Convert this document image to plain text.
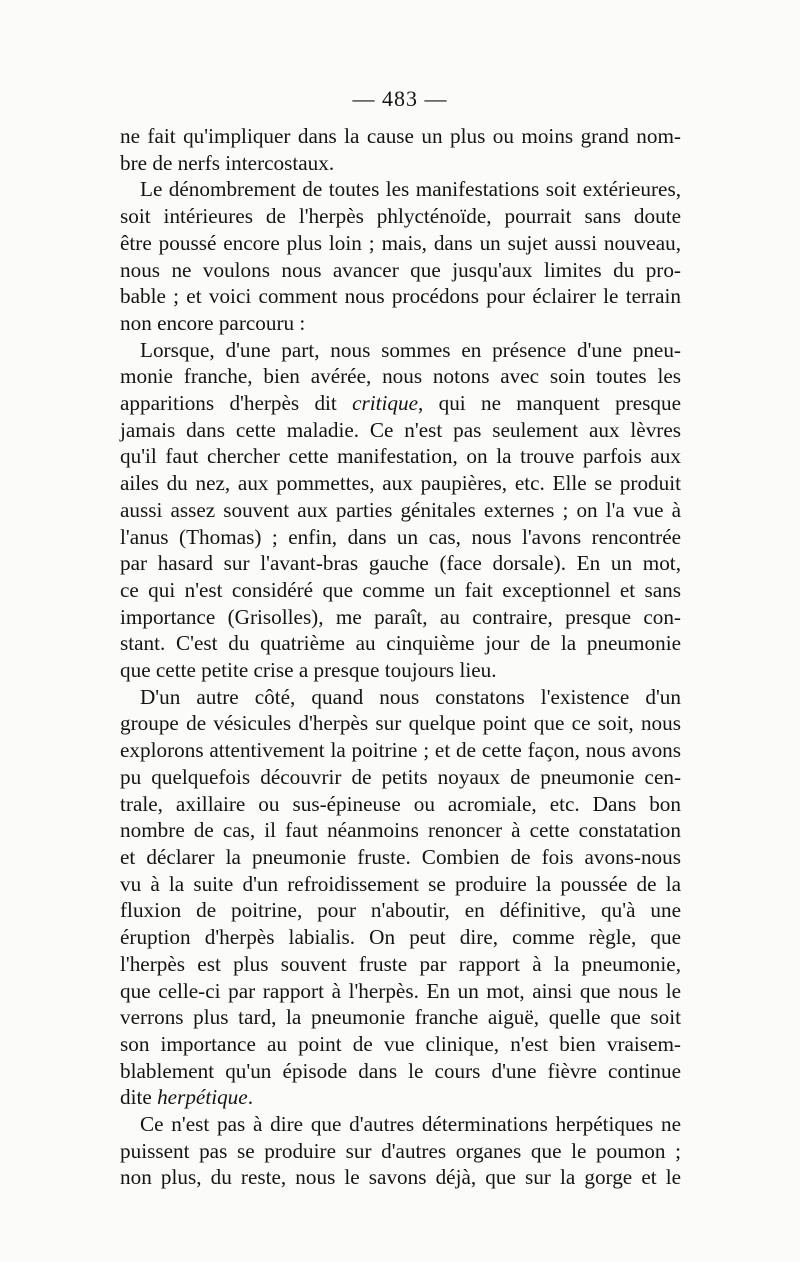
— 483 —
ne fait qu'impliquer dans la cause un plus ou moins grand nom-
bre de nerfs intercostaux.
Le dénombrement de toutes les manifestations soit extérieures,
soit intérieures de l'herpès phlycténoïde, pourrait sans doute
être poussé encore plus loin ; mais, dans un sujet aussi nouveau,
nous ne voulons nous avancer que jusqu'aux limites du pro-
bable ; et voici comment nous procédons pour éclairer le terrain
non encore parcouru :
Lorsque, d'une part, nous sommes en présence d'une pneu-
monie franche, bien avérée, nous notons avec soin toutes les
apparitions d'herpès dit critique, qui ne manquent presque
jamais dans cette maladie. Ce n'est pas seulement aux lèvres
qu'il faut chercher cette manifestation, on la trouve parfois aux
ailes du nez, aux pommettes, aux paupières, etc. Elle se produit
aussi assez souvent aux parties génitales externes ; on l'a vue à
l'anus (Thomas) ; enfin, dans un cas, nous l'avons rencontrée
par hasard sur l'avant-bras gauche (face dorsale). En un mot,
ce qui n'est considéré que comme un fait exceptionnel et sans
importance (Grisolles), me paraît, au contraire, presque con-
stant. C'est du quatrième au cinquième jour de la pneumonie
que cette petite crise a presque toujours lieu.
D'un autre côté, quand nous constatons l'existence d'un
groupe de vésicules d'herpès sur quelque point que ce soit, nous
explorons attentivement la poitrine ; et de cette façon, nous avons
pu quelquefois découvrir de petits noyaux de pneumonie cen-
trale, axillaire ou sus-épineuse ou acromiale, etc. Dans bon
nombre de cas, il faut néanmoins renoncer à cette constatation
et déclarer la pneumonie fruste. Combien de fois avons-nous
vu à la suite d'un refroidissement se produire la poussée de la
fluxion de poitrine, pour n'aboutir, en définitive, qu'à une
éruption d'herpès labialis. On peut dire, comme règle, que
l'herpès est plus souvent fruste par rapport à la pneumonie,
que celle-ci par rapport à l'herpès. En un mot, ainsi que nous le
verrons plus tard, la pneumonie franche aiguë, quelle que soit
son importance au point de vue clinique, n'est bien vraisem-
blablement qu'un épisode dans le cours d'une fièvre continue
dite herpétique.
Ce n'est pas à dire que d'autres déterminations herpétiques ne
puissent pas se produire sur d'autres organes que le poumon ;
non plus, du reste, nous le savons déjà, que sur la gorge et le
